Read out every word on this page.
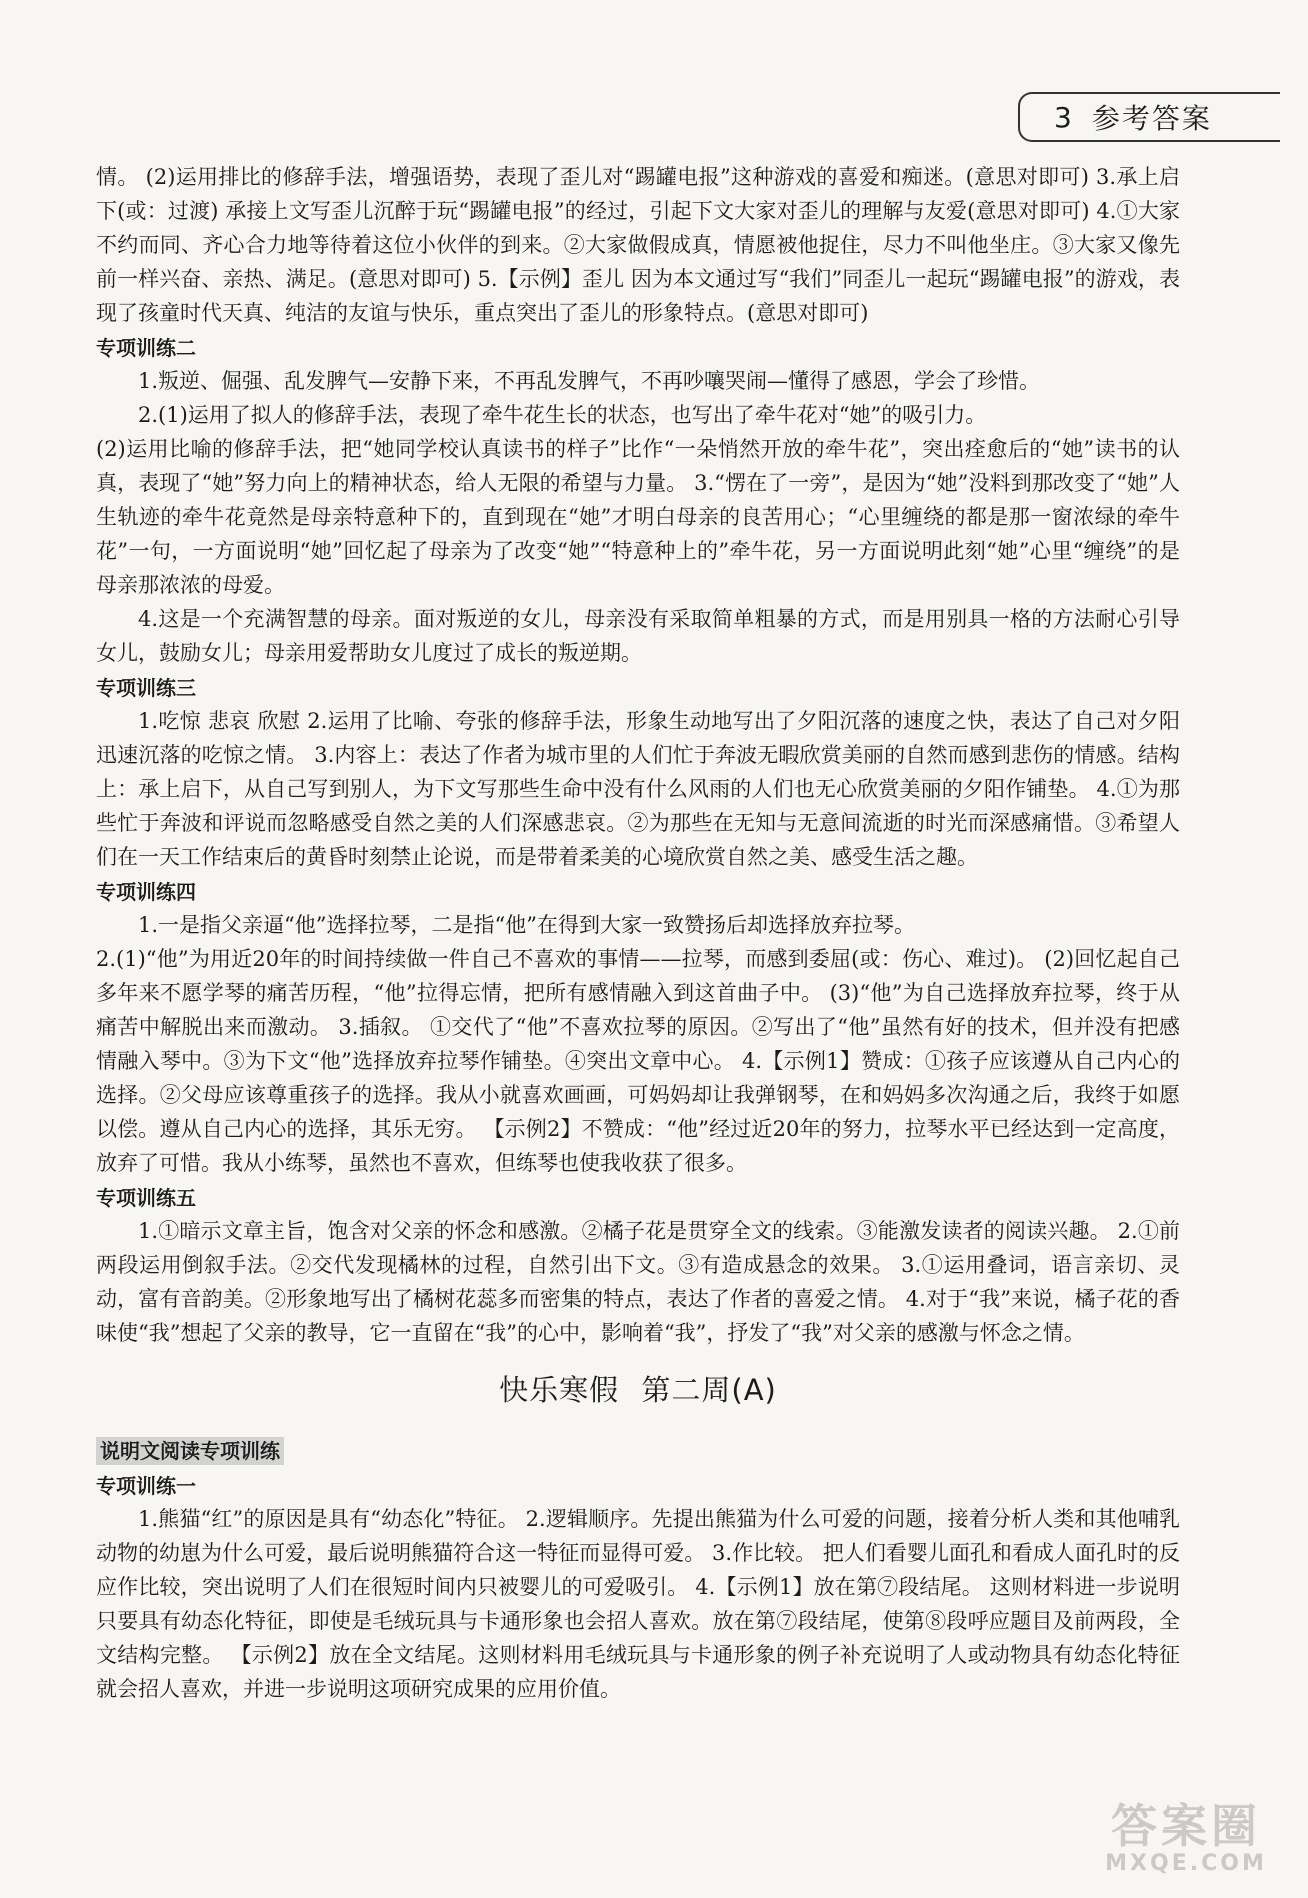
3 参考答案

情。 (2)运用排比的修辞手法，增强语势，表现了歪儿对“踢罐电报”这种游戏的喜爱和痴迷。(意思对即可) 3.承上启下(或：过渡) 承接上文写歪儿沉醉于玩“踢罐电报”的经过，引起下文大家对歪儿的理解与友爱(意思对即可) 4.①大家不约而同、齐心合力地等待着这位小伙伴的到来。②大家做假成真，情愿被他捉住，尽力不叫他坐庄。③大家又像先前一样兴奋、亲热、满足。(意思对即可) 5.【示例】歪儿 因为本文通过写“我们”同歪儿一起玩“踢罐电报”的游戏，表现了孩童时代天真、纯洁的友谊与快乐，重点突出了歪儿的形象特点。(意思对即可)

专项训练二

1.叛逆、倔强、乱发脾气—安静下来，不再乱发脾气，不再吵嚷哭闹—懂得了感恩，学会了珍惜。

2.(1)运用了拟人的修辞手法，表现了牵牛花生长的状态，也写出了牵牛花对“她”的吸引力。

(2)运用比喻的修辞手法，把“她同学校认真读书的样子”比作“一朵悄然开放的牵牛花”，突出痊愈后的“她”读书的认真，表现了“她”努力向上的精神状态，给人无限的希望与力量。 3.“愣在了一旁”，是因为“她”没料到那改变了“她”人生轨迹的牵牛花竟然是母亲特意种下的，直到现在“她”才明白母亲的良苦用心；“心里缠绕的都是那一窗浓绿的牵牛花”一句，一方面说明“她”回忆起了母亲为了改变“她”“特意种上的”牵牛花，另一方面说明此刻“她”心里“缠绕”的是母亲那浓浓的母爱。

4.这是一个充满智慧的母亲。面对叛逆的女儿，母亲没有采取简单粗暴的方式，而是用别具一格的方法耐心引导女儿，鼓励女儿；母亲用爱帮助女儿度过了成长的叛逆期。

专项训练三

1.吃惊 悲哀 欣慰 2.运用了比喻、夸张的修辞手法，形象生动地写出了夕阳沉落的速度之快，表达了自己对夕阳迅速沉落的吃惊之情。 3.内容上：表达了作者为城市里的人们忙于奔波无暇欣赏美丽的自然而感到悲伤的情感。结构上：承上启下，从自己写到别人，为下文写那些生命中没有什么风雨的人们也无心欣赏美丽的夕阳作铺垫。 4.①为那些忙于奔波和评说而忽略感受自然之美的人们深感悲哀。②为那些在无知与无意间流逝的时光而深感痛惜。③希望人们在一天工作结束后的黄昏时刻禁止论说，而是带着柔美的心境欣赏自然之美、感受生活之趣。

专项训练四

1.一是指父亲逼“他”选择拉琴，二是指“他”在得到大家一致赞扬后却选择放弃拉琴。

2.(1)“他”为用近20年的时间持续做一件自己不喜欢的事情——拉琴，而感到委屈(或：伤心、难过)。 (2)回忆起自己多年来不愿学琴的痛苦历程，“他”拉得忘情，把所有感情融入到这首曲子中。 (3)“他”为自己选择放弃拉琴，终于从痛苦中解脱出来而激动。 3.插叙。 ①交代了“他”不喜欢拉琴的原因。②写出了“他”虽然有好的技术，但并没有把感情融入琴中。③为下文“他”选择放弃拉琴作铺垫。④突出文章中心。 4.【示例1】赞成：①孩子应该遵从自己内心的选择。②父母应该尊重孩子的选择。我从小就喜欢画画，可妈妈却让我弹钢琴，在和妈妈多次沟通之后，我终于如愿以偿。遵从自己内心的选择，其乐无穷。 【示例2】不赞成：“他”经过近20年的努力，拉琴水平已经达到一定高度，放弃了可惜。我从小练琴，虽然也不喜欢，但练琴也使我收获了很多。

专项训练五

1.①暗示文章主旨，饱含对父亲的怀念和感激。②橘子花是贯穿全文的线索。③能激发读者的阅读兴趣。 2.①前两段运用倒叙手法。②交代发现橘林的过程，自然引出下文。③有造成悬念的效果。 3.①运用叠词，语言亲切、灵动，富有音韵美。②形象地写出了橘树花蕊多而密集的特点，表达了作者的喜爱之情。 4.对于“我”来说，橘子花的香味使“我”想起了父亲的教导，它一直留在“我”的心中，影响着“我”，抒发了“我”对父亲的感激与怀念之情。

快乐寒假 第二周(A)
说明文阅读专项训练
专项训练一

1.熊猫“红”的原因是具有“幼态化”特征。 2.逻辑顺序。先提出熊猫为什么可爱的问题，接着分析人类和其他哺乳动物的幼崽为什么可爱，最后说明熊猫符合这一特征而显得可爱。 3.作比较。 把人们看婴儿面孔和看成人面孔时的反应作比较，突出说明了人们在很短时间内只被婴儿的可爱吸引。 4.【示例1】放在第⑦段结尾。 这则材料进一步说明只要具有幼态化特征，即使是毛绒玩具与卡通形象也会招人喜欢。放在第⑦段结尾，使第⑧段呼应题目及前两段，全文结构完整。 【示例2】放在全文结尾。这则材料用毛绒玩具与卡通形象的例子补充说明了人或动物具有幼态化特征就会招人喜欢，并进一步说明这项研究成果的应用价值。

答案圈
MXQE.COM
